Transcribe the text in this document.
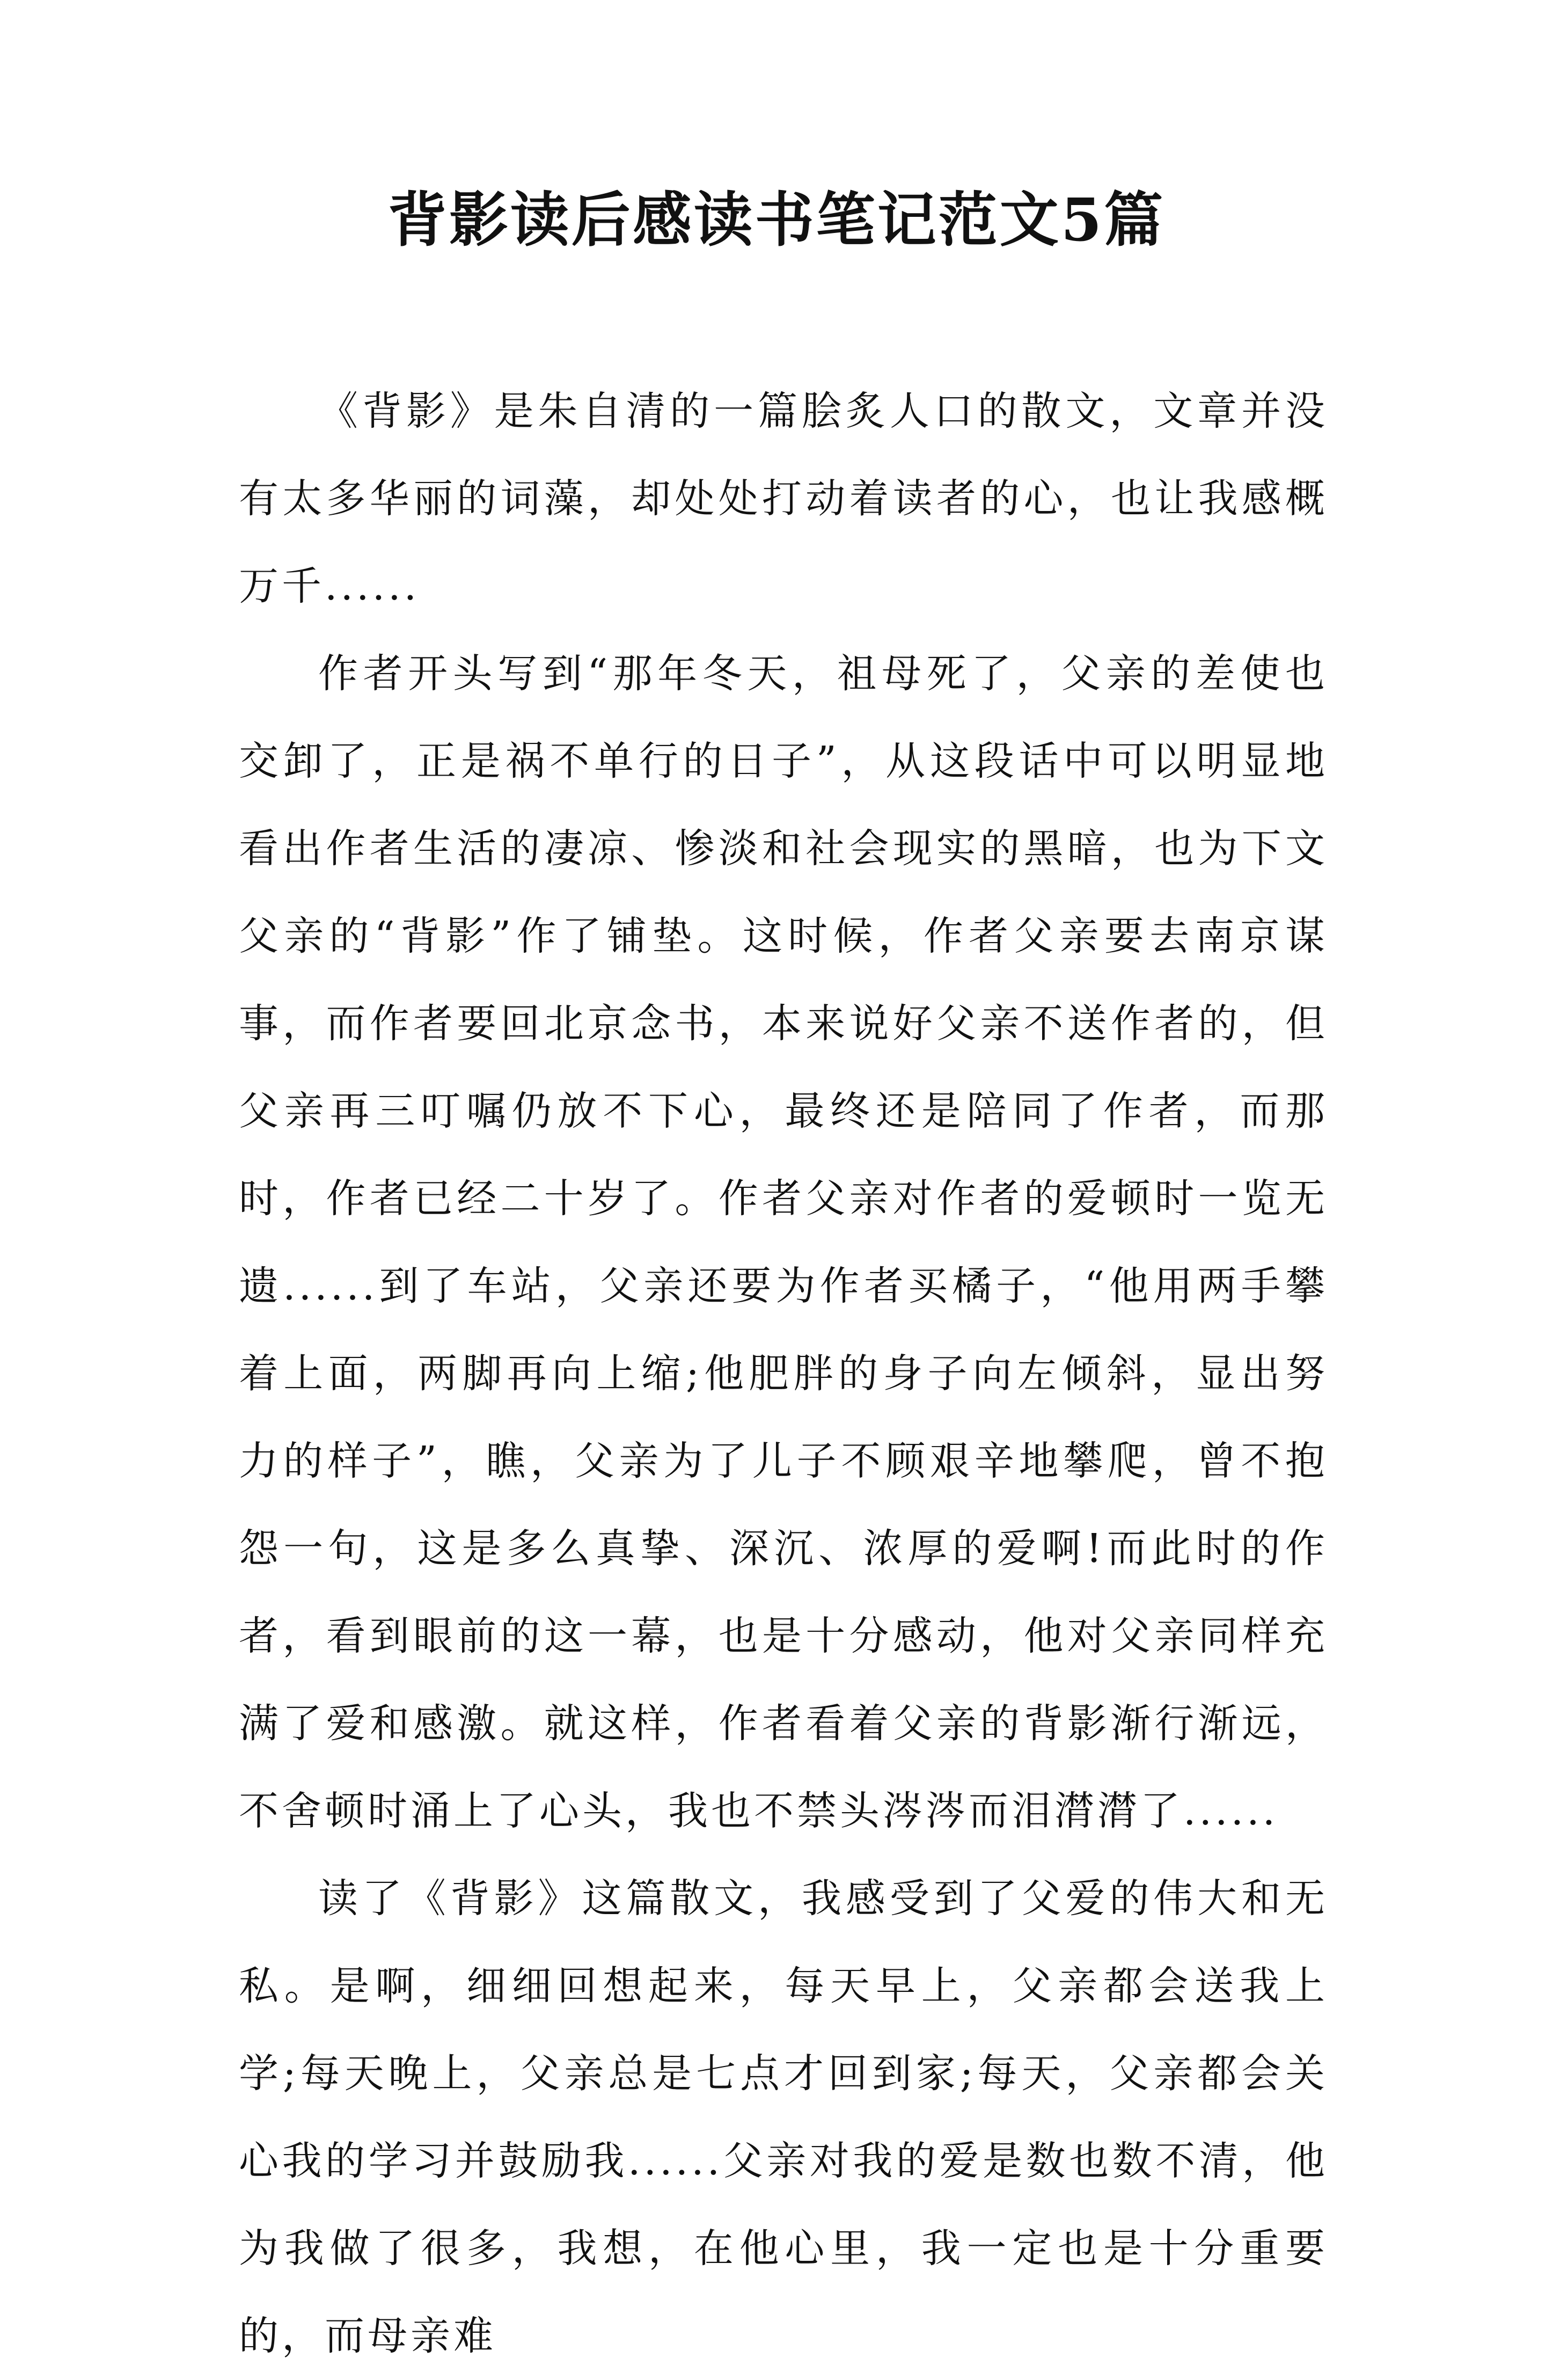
背影读后感读书笔记范文5篇

《背影》是朱自清的一篇脍炙人口的散文，文章并没有太多华丽的词藻，却处处打动着读者的心，也让我感概万千......

作者开头写到“那年冬天，祖母死了，父亲的差使也交卸了，正是祸不单行的日子”，从这段话中可以明显地看出作者生活的凄凉、惨淡和社会现实的黑暗，也为下文父亲的“背影”作了铺垫。这时候，作者父亲要去南京谋事，而作者要回北京念书，本来说好父亲不送作者的，但父亲再三叮嘱仍放不下心，最终还是陪同了作者，而那时，作者已经二十岁了。作者父亲对作者的爱顿时一览无遗......到了车站，父亲还要为作者买橘子，“他用两手攀着上面，两脚再向上缩;他肥胖的身子向左倾斜，显出努力的样子”，瞧，父亲为了儿子不顾艰辛地攀爬，曾不抱怨一句，这是多么真挚、深沉、浓厚的爱啊!而此时的作者，看到眼前的这一幕，也是十分感动，他对父亲同样充满了爱和感激。就这样，作者看着父亲的背影渐行渐远，不舍顿时涌上了心头，我也不禁头涔涔而泪潸潸了......

读了《背影》这篇散文，我感受到了父爱的伟大和无私。是啊，细细回想起来，每天早上，父亲都会送我上学;每天晚上，父亲总是七点才回到家;每天，父亲都会关心我的学习并鼓励我......父亲对我的爱是数也数不清，他为我做了很多，我想，在他心里，我一定也是十分重要的，而母亲难
